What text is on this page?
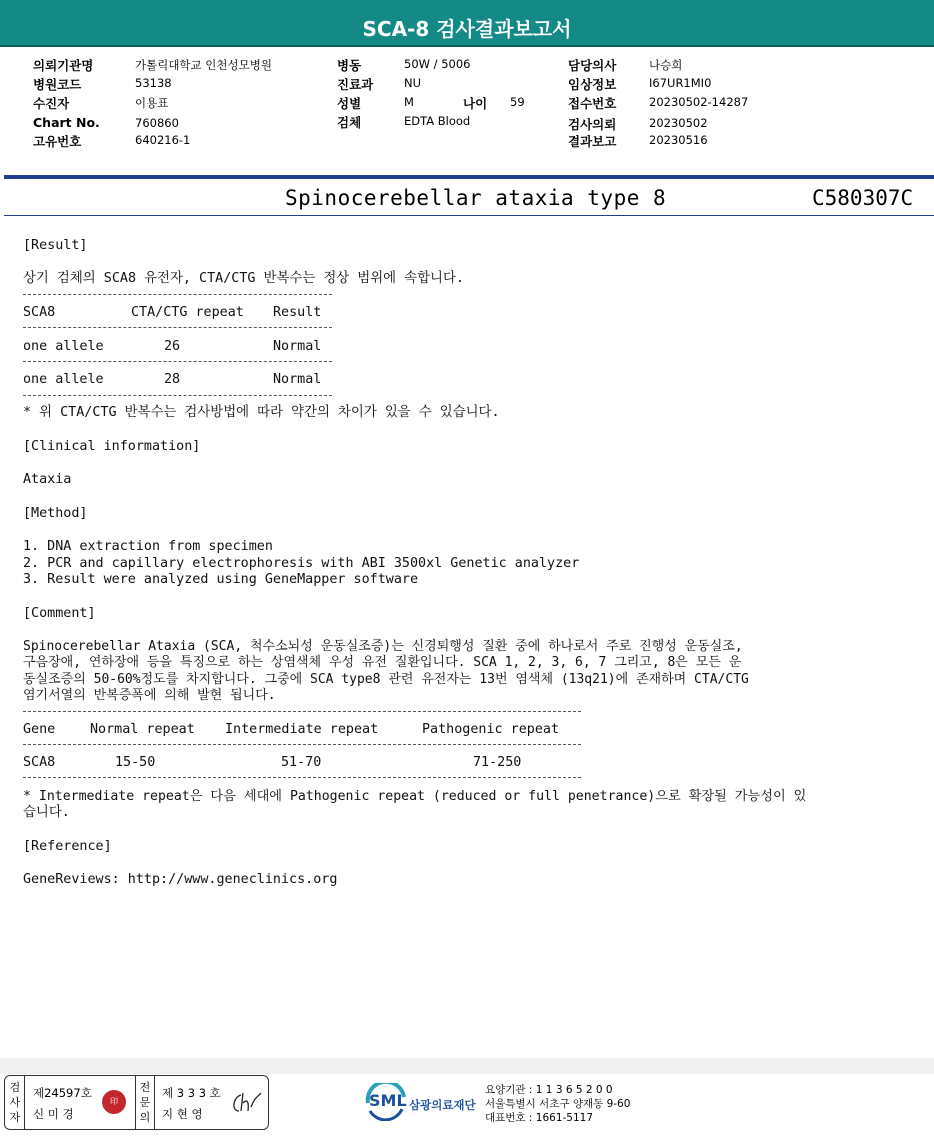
SCA-8 검사결과보고서
의뢰기관명	가톨릭대학교 인천성모병원
병원코드	53138
수진자	이용표
Chart No.	760860
고유번호	640216-1
병동	50W / 5006
진료과	NU
성별	M	나이 59
검체	EDTA Blood
담당의사	나승희
임상정보	I67UR1MI0
접수번호	20230502-14287
검사의뢰	20230502
결과보고	20230516
Spinocerebellar ataxia type 8	C580307C
[Result]
상기 검체의 SCA8 유전자, CTA/CTG 반복수는 정상 범위에 속합니다.
SCA8	CTA/CTG repeat Result
one allele	26	Normal
one allele	28	Normal
* 위 CTA/CTG 반복수는 검사방법에 따라 약간의 차이가 있을 수 있습니다.
[Clinical information]
Ataxia
[Method]
1. DNA extraction from specimen
2. PCR and capillary electrophoresis with ABI 3500xl Genetic analyzer
3. Result were analyzed using GeneMapper software
[Comment]
Spinocerebellar Ataxia (SCA, 척수소뇌성 운동실조증)는 신경퇴행성 질환 중에 하나로서 주로 진행성 운동실조,
구음장애, 연하장애 등을 특징으로 하는 상염색체 우성 유전 질환입니다. SCA 1, 2, 3, 6, 7 그리고, 8은 모든 운
동실조증의 50-60%정도를 차지합니다. 그중에 SCA type8 관련 유전자는 13번 염색체 (13q21)에 존재하며 CTA/CTG
염기서열의 반복증폭에 의해 발현 됩니다.
Gene	Normal repeat Intermediate repeat	Pathogenic repeat
SCA8	15-50	51-70	71-250
* Intermediate repeat은 다음 세대에 Pathogenic repeat (reduced or full penetrance)으로 확장될 가능성이 있
습니다.
[Reference]
GeneReviews: http://www.geneclinics.org
검사자
제24597호
신 미 경
印
전문의
제 3 3 3 호
지 현 영
SML 삼광의료재단
요양기관 : 1 1 3 6 5 2 0 0
서울특별시 서초구 양재동 9-60
대표번호 : 1661-5117
